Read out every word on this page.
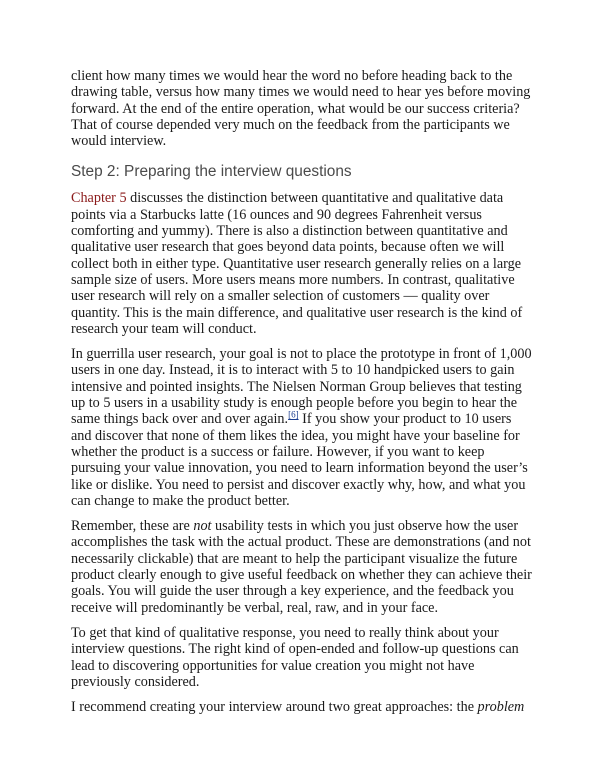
client how many times we would hear the word no before heading back to the drawing table, versus how many times we would need to hear yes before moving forward. At the end of the entire operation, what would be our success criteria? That of course depended very much on the feedback from the participants we would interview.

Step 2: Preparing the interview questions

Chapter 5 discusses the distinction between quantitative and qualitative data points via a Starbucks latte (16 ounces and 90 degrees Fahrenheit versus comforting and yummy). There is also a distinction between quantitative and qualitative user research that goes beyond data points, because often we will collect both in either type. Quantitative user research generally relies on a large sample size of users. More users means more numbers. In contrast, qualitative user research will rely on a smaller selection of customers — quality over quantity. This is the main difference, and qualitative user research is the kind of research your team will conduct.

In guerrilla user research, your goal is not to place the prototype in front of 1,000 users in one day. Instead, it is to interact with 5 to 10 handpicked users to gain intensive and pointed insights. The Nielsen Norman Group believes that testing up to 5 users in a usability study is enough people before you begin to hear the same things back over and over again.[6] If you show your product to 10 users and discover that none of them likes the idea, you might have your baseline for whether the product is a success or failure. However, if you want to keep pursuing your value innovation, you need to learn information beyond the user’s like or dislike. You need to persist and discover exactly why, how, and what you can change to make the product better.

Remember, these are not usability tests in which you just observe how the user accomplishes the task with the actual product. These are demonstrations (and not necessarily clickable) that are meant to help the participant visualize the future product clearly enough to give useful feedback on whether they can achieve their goals. You will guide the user through a key experience, and the feedback you receive will predominantly be verbal, real, raw, and in your face.

To get that kind of qualitative response, you need to really think about your interview questions. The right kind of open-ended and follow-up questions can lead to discovering opportunities for value creation you might not have previously considered.

I recommend creating your interview around two great approaches: the problem
